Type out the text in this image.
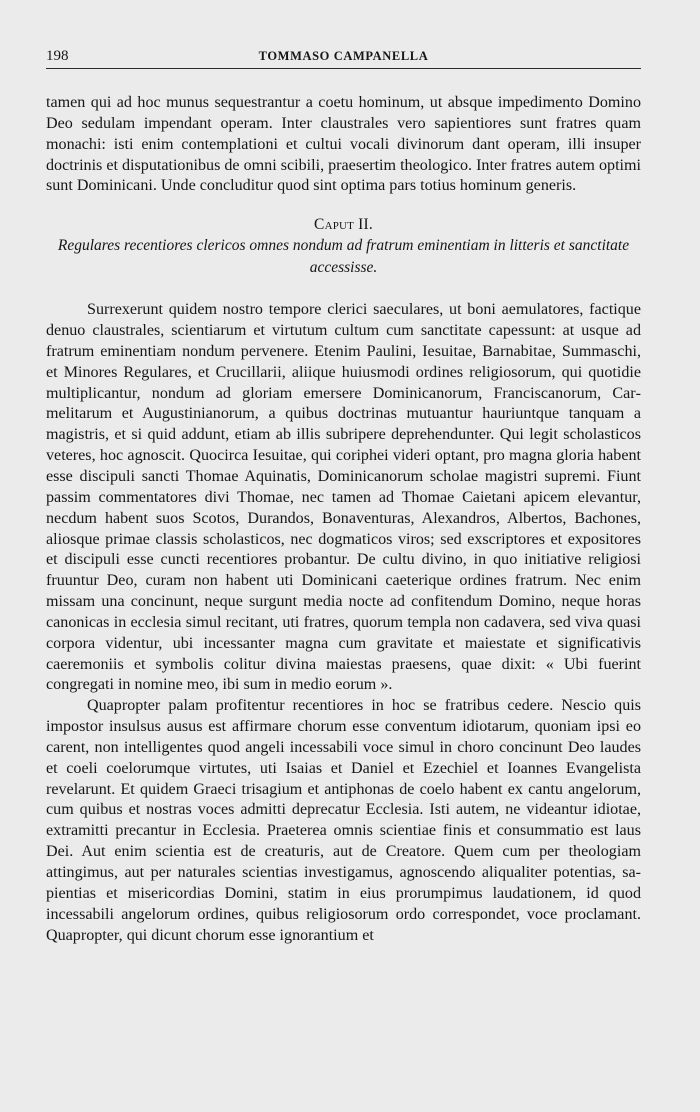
198	TOMMASO CAMPANELLA

tamen qui ad hoc munus sequestrantur a coetu hominum, ut absque impedimento Domino Deo sedulam impendant operam. Inter claustrales vero sapientiores sunt fratres quam monachi: isti enim contemplationi et cultui vocali divinorum dant operam, illi insuper doctrinis et disputationibus de omni scibili, praesertim theologico. Inter fratres autem optimi sunt Dominicani. Unde concluditur quod sint optima pars totius hominum generis.

Caput II.

Regulares recentiores clericos omnes nondum ad fratrum eminentiam in litteris et sanctitate accessisse.

Surrexerunt quidem nostro tempore clerici saeculares, ut boni aemulatores, factique denuo claustrales, scientiarum et virtutum cultum cum sanctitate capessunt: at usque ad fratrum eminentiam nondum pervenere. Etenim Paulini, Iesuitae, Barnabitae, Summaschi, et Minores Regulares, et Crucillarii, aliique huiusmodi ordines religiosorum, qui quotidie multiplicantur, nondum ad gloriam emersere Dominicanorum, Franciscanorum, Carmelitarum et Augustinianorum, a quibus doctrinas mutuantur hauriuntque tanquam a magistris, et si quid addunt, etiam ab illis subripere deprehendunter. Qui legit scholasticos veteres, hoc agnoscit. Quocirca Iesuitae, qui coriphei videri optant, pro magna gloria habent esse discipuli sancti Thomae Aquinatis, Dominicanorum scholae magistri supremi. Fiunt passim commentatores divi Thomae, nec tamen ad Thomae Caietani apicem elevantur, necdum habent suos Scotos, Durandos, Bonaventuras, Alexandros, Albertos, Bachones, aliosque primae classis scholasticos, nec dogmaticos viros; sed exscriptores et expositores et discipuli esse cuncti recentiores probantur. De cultu divino, in quo initiative religiosi fruuntur Deo, curam non habent uti Dominicani caeterique ordines fratrum. Nec enim missam una concinunt, neque surgunt media nocte ad confitendum Domino, neque horas canonicas in ecclesia simul recitant, uti fratres, quorum templa non cadavera, sed viva quasi corpora videntur, ubi incessanter magna cum gravitate et maiestate et significativis caeremoniis et symbolis colitur divina maiestas praesens, quae dixit: « Ubi fuerint congregati in nomine meo, ibi sum in medio eorum ».

Quapropter palam profitentur recentiores in hoc se fratribus cedere. Nescio quis impostor insulsus ausus est affirmare chorum esse conventum idiotarum, quoniam ipsi eo carent, non intelligentes quod angeli incessabili voce simul in choro concinunt Deo laudes et coeli coelorumque virtutes, uti Isaias et Daniel et Ezechiel et Ioannes Evangelista revelarunt. Et quidem Graeci trisagium et antiphonas de coelo habent ex cantu angelorum, cum quibus et nostras voces admitti deprecatur Ecclesia. Isti autem, ne videantur idiotae, extramitti precantur in Ecclesia. Praeterea omnis scientiae finis et consummatio est laus Dei. Aut enim scientia est de creaturis, aut de Creatore. Quem cum per theologiam attingimus, aut per naturales scientias investigamus, agnoscendo aliqualiter potentias, sapientias et misericordias Domini, statim in eius prorumpimus laudationem, id quod incessabili angelorum ordines, quibus religiosorum ordo correspondet, voce proclamant. Quapropter, qui dicunt chorum esse ignorantium et
